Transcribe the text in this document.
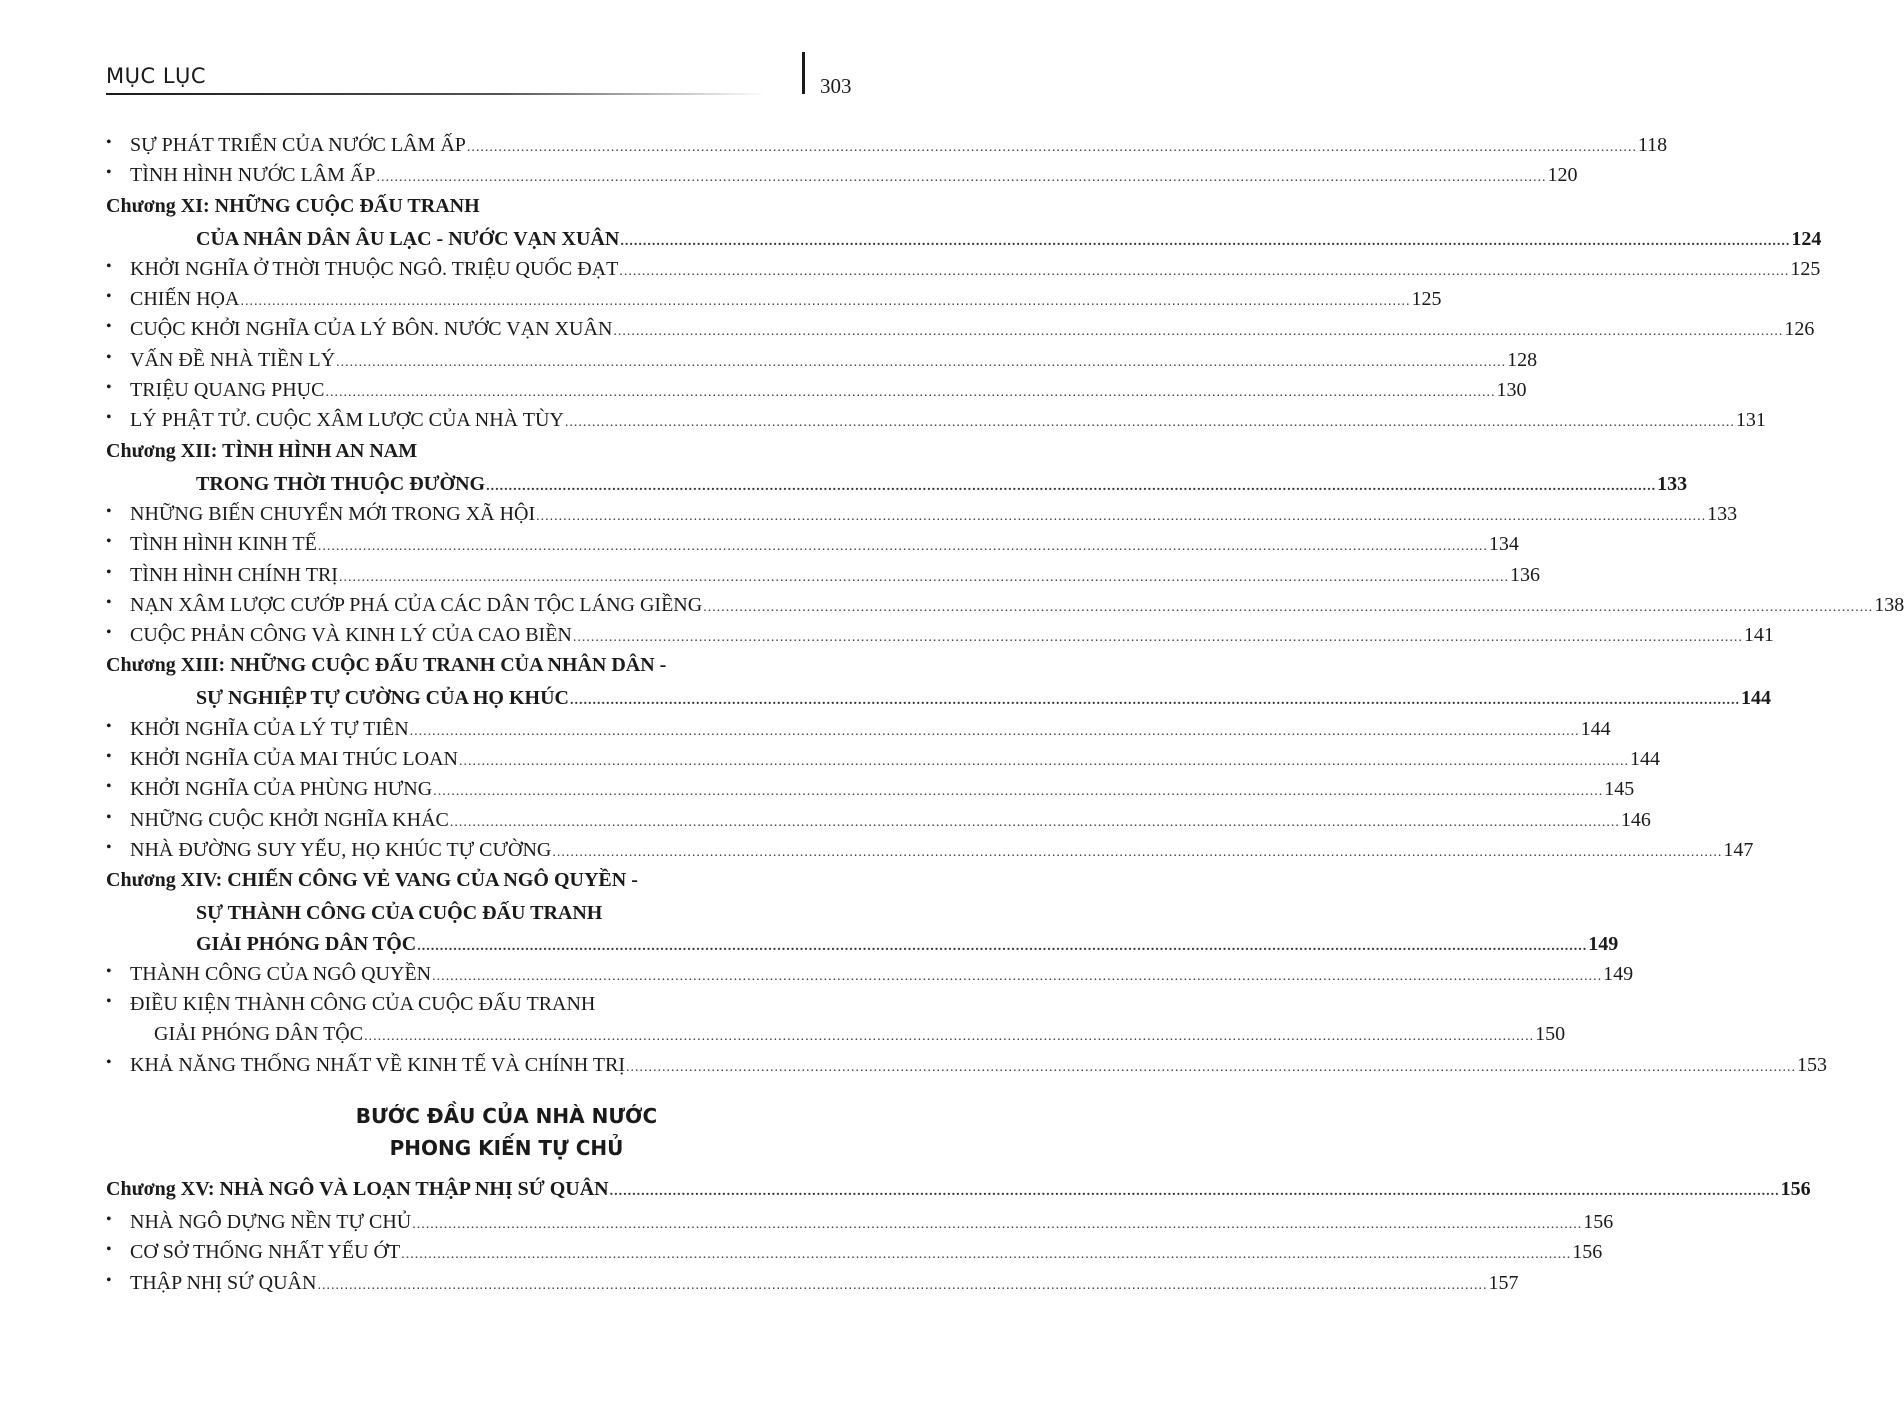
MỤC LỤC	303
• SỰ PHÁT TRIỂN CỦA NƯỚC LÂM ẤP .................................................................................................................................................................................................................................................................... 118
• TÌNH HÌNH NƯỚC LÂM ẤP .................................................................................................................................................................................................................................................................... 120
Chương XI: NHỮNG CUỘC ĐẤU TRANH
CỦA NHÂN DÂN ÂU LẠC - NƯỚC VẠN XUÂN .................................................................................................................................................................................................................................................................... 124
• KHỞI NGHĨA Ở THỜI THUỘC NGÔ. TRIỆU QUỐC ĐẠT .................................................................................................................................................................................................................................................................... 125
• CHIẾN HỌA .................................................................................................................................................................................................................................................................... 125
• CUỘC KHỞI NGHĨA CỦA LÝ BÔN. NƯỚC VẠN XUÂN .................................................................................................................................................................................................................................................................... 126
• VẤN ĐỀ NHÀ TIỀN LÝ .................................................................................................................................................................................................................................................................... 128
• TRIỆU QUANG PHỤC .................................................................................................................................................................................................................................................................... 130
• LÝ PHẬT TỬ. CUỘC XÂM LƯỢC CỦA NHÀ TÙY .................................................................................................................................................................................................................................................................... 131
Chương XII: TÌNH HÌNH AN NAM
TRONG THỜI THUỘC ĐƯỜNG .................................................................................................................................................................................................................................................................... 133
• NHỮNG BIẾN CHUYỂN MỚI TRONG XÃ HỘI .................................................................................................................................................................................................................................................................... 133
• TÌNH HÌNH KINH TẾ .................................................................................................................................................................................................................................................................... 134
• TÌNH HÌNH CHÍNH TRỊ .................................................................................................................................................................................................................................................................... 136
• NẠN XÂM LƯỢC CƯỚP PHÁ CỦA CÁC DÂN TỘC LÁNG GIỀNG .................................................................................................................................................................................................................................................................... 138
• CUỘC PHẢN CÔNG VÀ KINH LÝ CỦA CAO BIỀN .................................................................................................................................................................................................................................................................... 141
Chương XIII: NHỮNG CUỘC ĐẤU TRANH CỦA NHÂN DÂN -
SỰ NGHIỆP TỰ CƯỜNG CỦA HỌ KHÚC .................................................................................................................................................................................................................................................................... 144
• KHỞI NGHĨA CỦA LÝ TỰ TIÊN .................................................................................................................................................................................................................................................................... 144
• KHỞI NGHĨA CỦA MAI THÚC LOAN .................................................................................................................................................................................................................................................................... 144
• KHỞI NGHĨA CỦA PHÙNG HƯNG .................................................................................................................................................................................................................................................................... 145
• NHỮNG CUỘC KHỞI NGHĨA KHÁC .................................................................................................................................................................................................................................................................... 146
• NHÀ ĐƯỜNG SUY YẾU, HỌ KHÚC TỰ CƯỜNG .................................................................................................................................................................................................................................................................... 147
Chương XIV: CHIẾN CÔNG VẺ VANG CỦA NGÔ QUYỀN -
SỰ THÀNH CÔNG CỦA CUỘC ĐẤU TRANH
GIẢI PHÓNG DÂN TỘC .................................................................................................................................................................................................................................................................... 149
• THÀNH CÔNG CỦA NGÔ QUYỀN .................................................................................................................................................................................................................................................................... 149
• ĐIỀU KIỆN THÀNH CÔNG CỦA CUỘC ĐẤU TRANH
GIẢI PHÓNG DÂN TỘC .................................................................................................................................................................................................................................................................... 150
• KHẢ NĂNG THỐNG NHẤT VỀ KINH TẾ VÀ CHÍNH TRỊ .................................................................................................................................................................................................................................................................... 153
BƯỚC ĐẦU CỦA NHÀ NƯỚC
PHONG KIẾN TỰ CHỦ
Chương XV: NHÀ NGÔ VÀ LOẠN THẬP NHỊ SỨ QUÂN .................................................................................................................................................................................................................................................................... 156
• NHÀ NGÔ DỰNG NỀN TỰ CHỦ .................................................................................................................................................................................................................................................................... 156
• CƠ SỞ THỐNG NHẤT YẾU ỚT .................................................................................................................................................................................................................................................................... 156
• THẬP NHỊ SỨ QUÂN .................................................................................................................................................................................................................................................................... 157
